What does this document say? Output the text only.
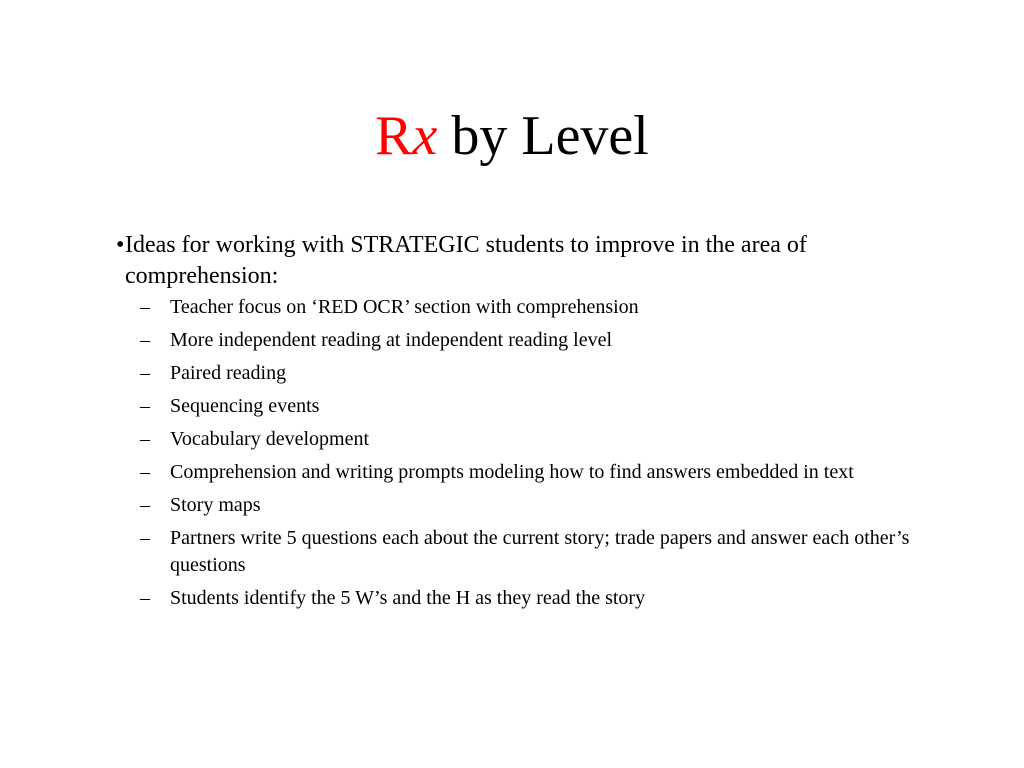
Rx by Level
• Ideas for working with STRATEGIC students to improve in the area of comprehension:
– Teacher focus on ‘RED OCR’ section with comprehension
– More independent reading at independent reading level
– Paired reading
– Sequencing events
– Vocabulary development
– Comprehension and writing prompts modeling how to find answers embedded in text
– Story maps
– Partners write 5 questions each about the current story; trade papers and answer each other’s questions
– Students identify the 5 W’s and the H as they read the story
